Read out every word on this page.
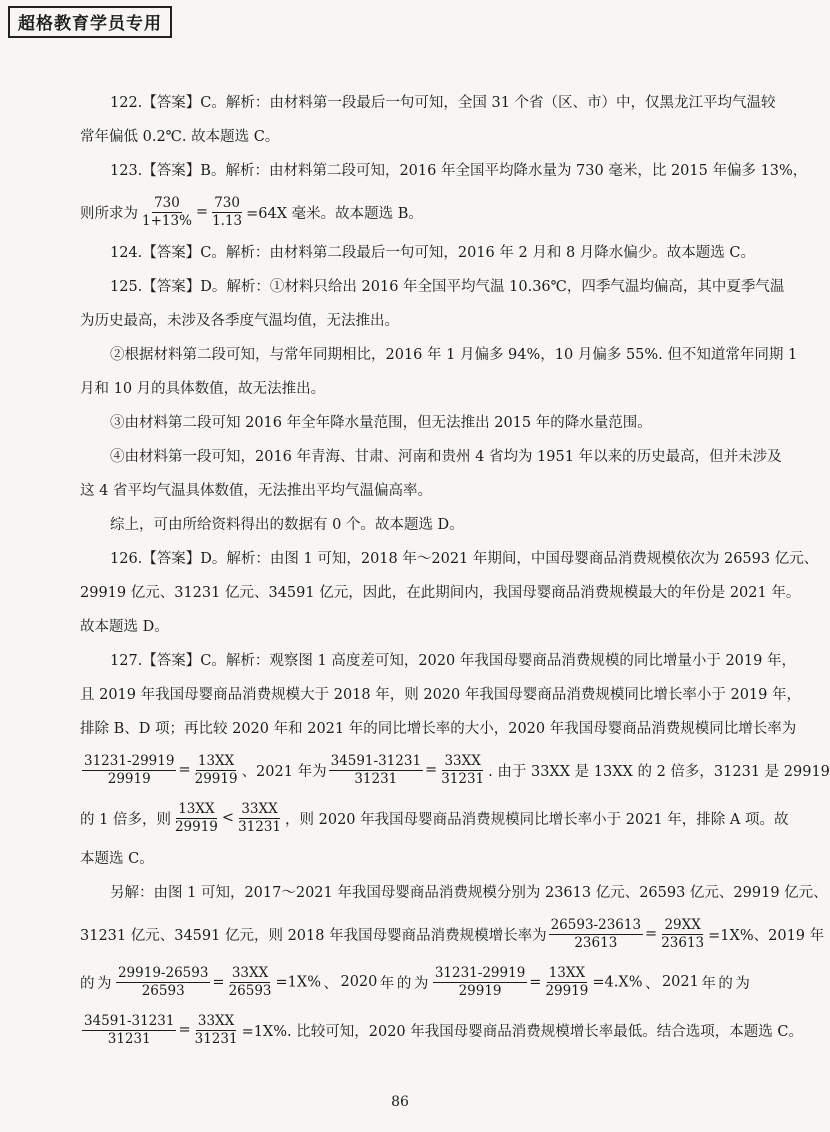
超格教育学员专用
122.【答案】C。解析：由材料第一段最后一句可知，全国 31 个省（区、市）中，仅黑龙江平均气温较
常年偏低 0.2℃. 故本题选 C。
123.【答案】B。解析：由材料第二段可知，2016 年全国平均降水量为 730 毫米，比 2015 年偏多 13%，
则所求为 $\frac{730}{1+13\%} = \frac{730}{1.13} =64X$ 毫米。故本题选 B。
124.【答案】C。解析：由材料第二段最后一句可知，2016 年 2 月和 8 月降水偏少。故本题选 C。
125.【答案】D。解析：①材料只给出 2016 年全国平均气温 10.36℃，四季气温均偏高，其中夏季气温
为历史最高，未涉及各季度气温均值，无法推出。
②根据材料第二段可知，与常年同期相比，2016 年 1 月偏多 94%，10 月偏多 55%. 但不知道常年同期 1
月和 10 月的具体数值，故无法推出。
③由材料第二段可知 2016 年全年降水量范围，但无法推出 2015 年的降水量范围。
④由材料第一段可知，2016 年青海、甘肃、河南和贵州 4 省均为 1951 年以来的历史最高，但并未涉及
这 4 省平均气温具体数值，无法推出平均气温偏高率。
综上，可由所给资料得出的数据有 0 个。故本题选 D。
126.【答案】D。解析：由图 1 可知，2018 年～2021 年期间，中国母婴商品消费规模依次为 26593 亿元、
29919 亿元、31231 亿元、34591 亿元，因此，在此期间内，我国母婴商品消费规模最大的年份是 2021 年。
故本题选 D。
127.【答案】C。解析：观察图 1 高度差可知，2020 年我国母婴商品消费规模的同比增量小于 2019 年，
且 2019 年我国母婴商品消费规模大于 2018 年，则 2020 年我国母婴商品消费规模同比增长率小于 2019 年，
排除 B、D 项；再比较 2020 年和 2021 年的同比增长率的大小，2020 年我国母婴商品消费规模同比增长率为
$\frac{31231-29919}{29919} = \frac{13XX}{29919}$ 、2021 年为 $\frac{34591-31231}{31231} = \frac{33XX}{31231}$ . 由于 33XX 是 13XX 的 2 倍多，31231 是 29919
的 1 倍多，则 $\frac{13XX}{29919} < \frac{33XX}{31231}$ ，则 2020 年我国母婴商品消费规模同比增长率小于 2021 年，排除 A 项。故
本题选 C。
另解：由图 1 可知，2017～2021 年我国母婴商品消费规模分别为 23613 亿元、26593 亿元、29919 亿元、
31231 亿元、34591 亿元，则 2018 年我国母婴商品消费规模增长率为 $\frac{26593-23613}{23613} = \frac{29XX}{23613} =1X\%$、2019 年
的 为 $\frac{29919-26593}{26593} = \frac{33XX}{26593} =1X\%$ 、 2020 年 的 为 $\frac{31231-29919}{29919} = \frac{13XX}{29919} =4.X\%$ 、 2021 年 的 为
$\frac{34591-31231}{31231} = \frac{33XX}{31231} =1X\%$. 比较可知，2020 年我国母婴商品消费规模增长率最低。结合选项，本题选 C。
86
